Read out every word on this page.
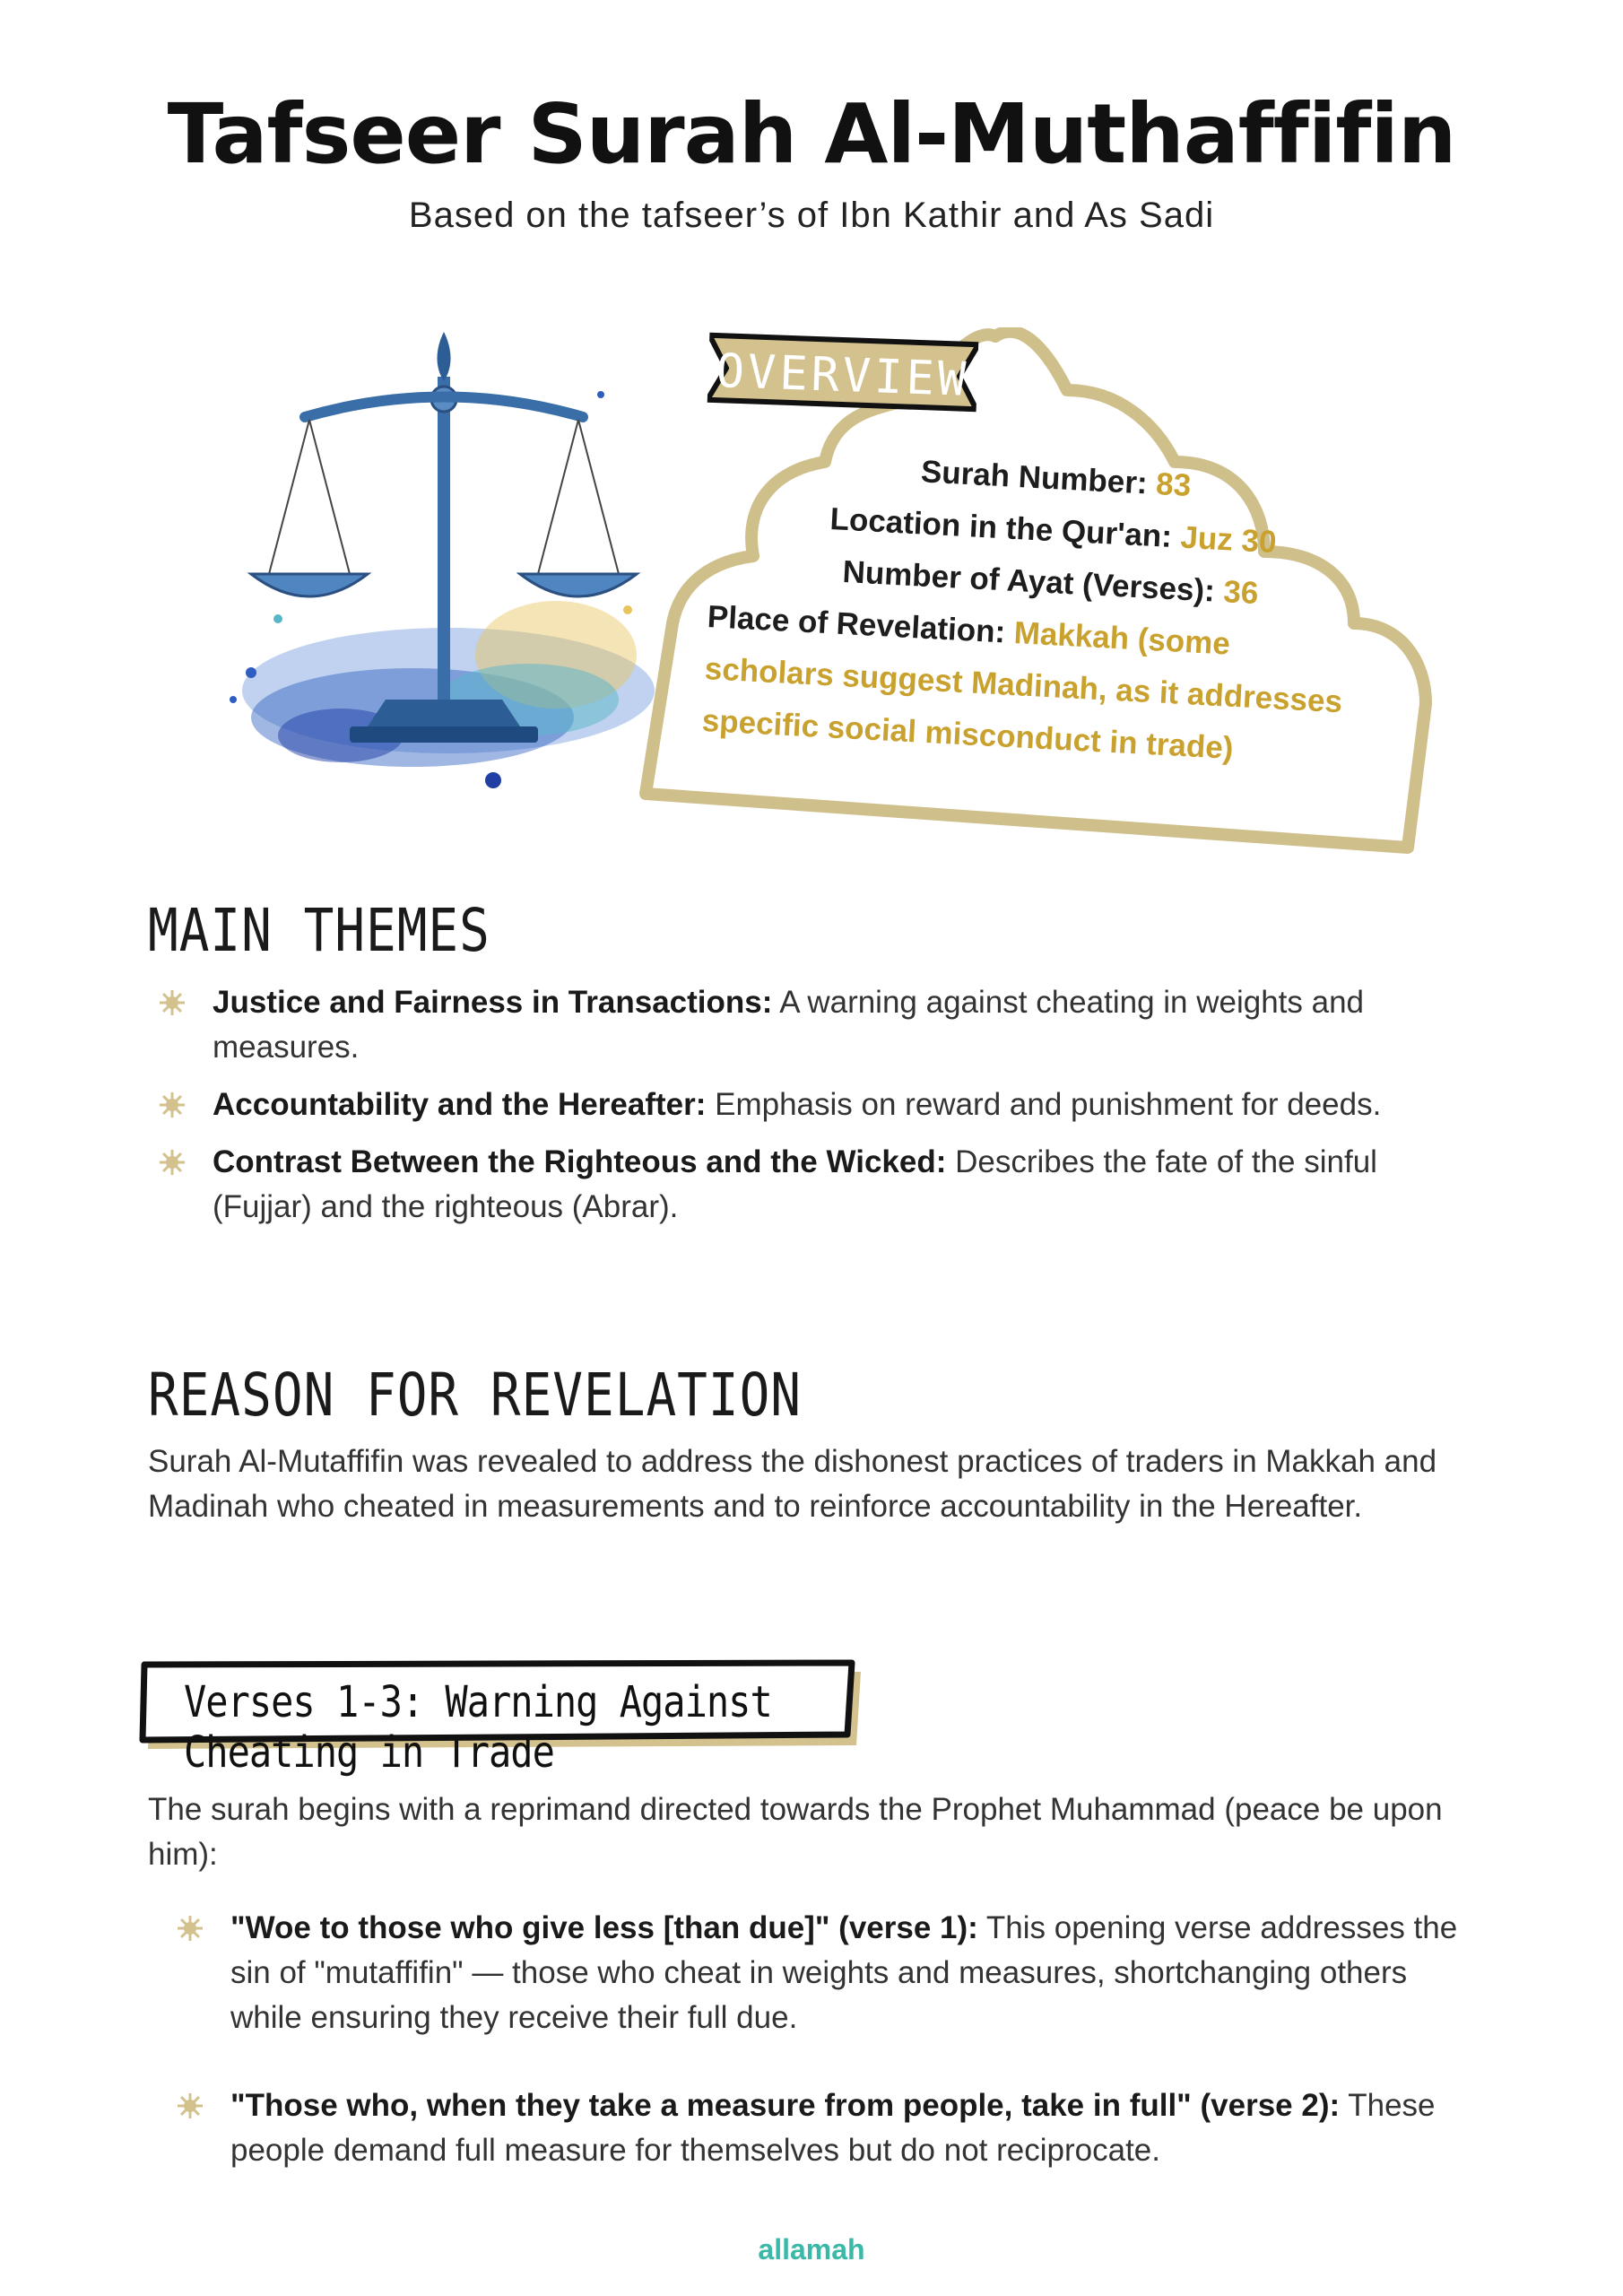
Tafseer Surah Al-Muthaffifin
Based on the tafseer’s of Ibn Kathir and As Sadi
OVERVIEW
Surah Number: 83
Location in the Qur'an: Juz 30
Number of Ayat (Verses): 36
Place of Revelation: Makkah (some
scholars suggest Madinah, as it addresses
specific social misconduct in trade)
MAIN THEMES
Justice and Fairness in Transactions: A warning against cheating in weights and measures.
Accountability and the Hereafter: Emphasis on reward and punishment for deeds.
Contrast Between the Righteous and the Wicked: Describes the fate of the sinful (Fujjar) and the righteous (Abrar).
REASON FOR REVELATION
Surah Al-Mutaffifin was revealed to address the dishonest practices of traders in Makkah and Madinah who cheated in measurements and to reinforce accountability in the Hereafter.
Verses 1-3: Warning Against Cheating in Trade
The surah begins with a reprimand directed towards the Prophet Muhammad (peace be upon him):
"Woe to those who give less [than due]" (verse 1): This opening verse addresses the sin of "mutaffifin" — those who cheat in weights and measures, shortchanging others while ensuring they receive their full due.
"Those who, when they take a measure from people, take in full" (verse 2): These people demand full measure for themselves but do not reciprocate.
allamah
